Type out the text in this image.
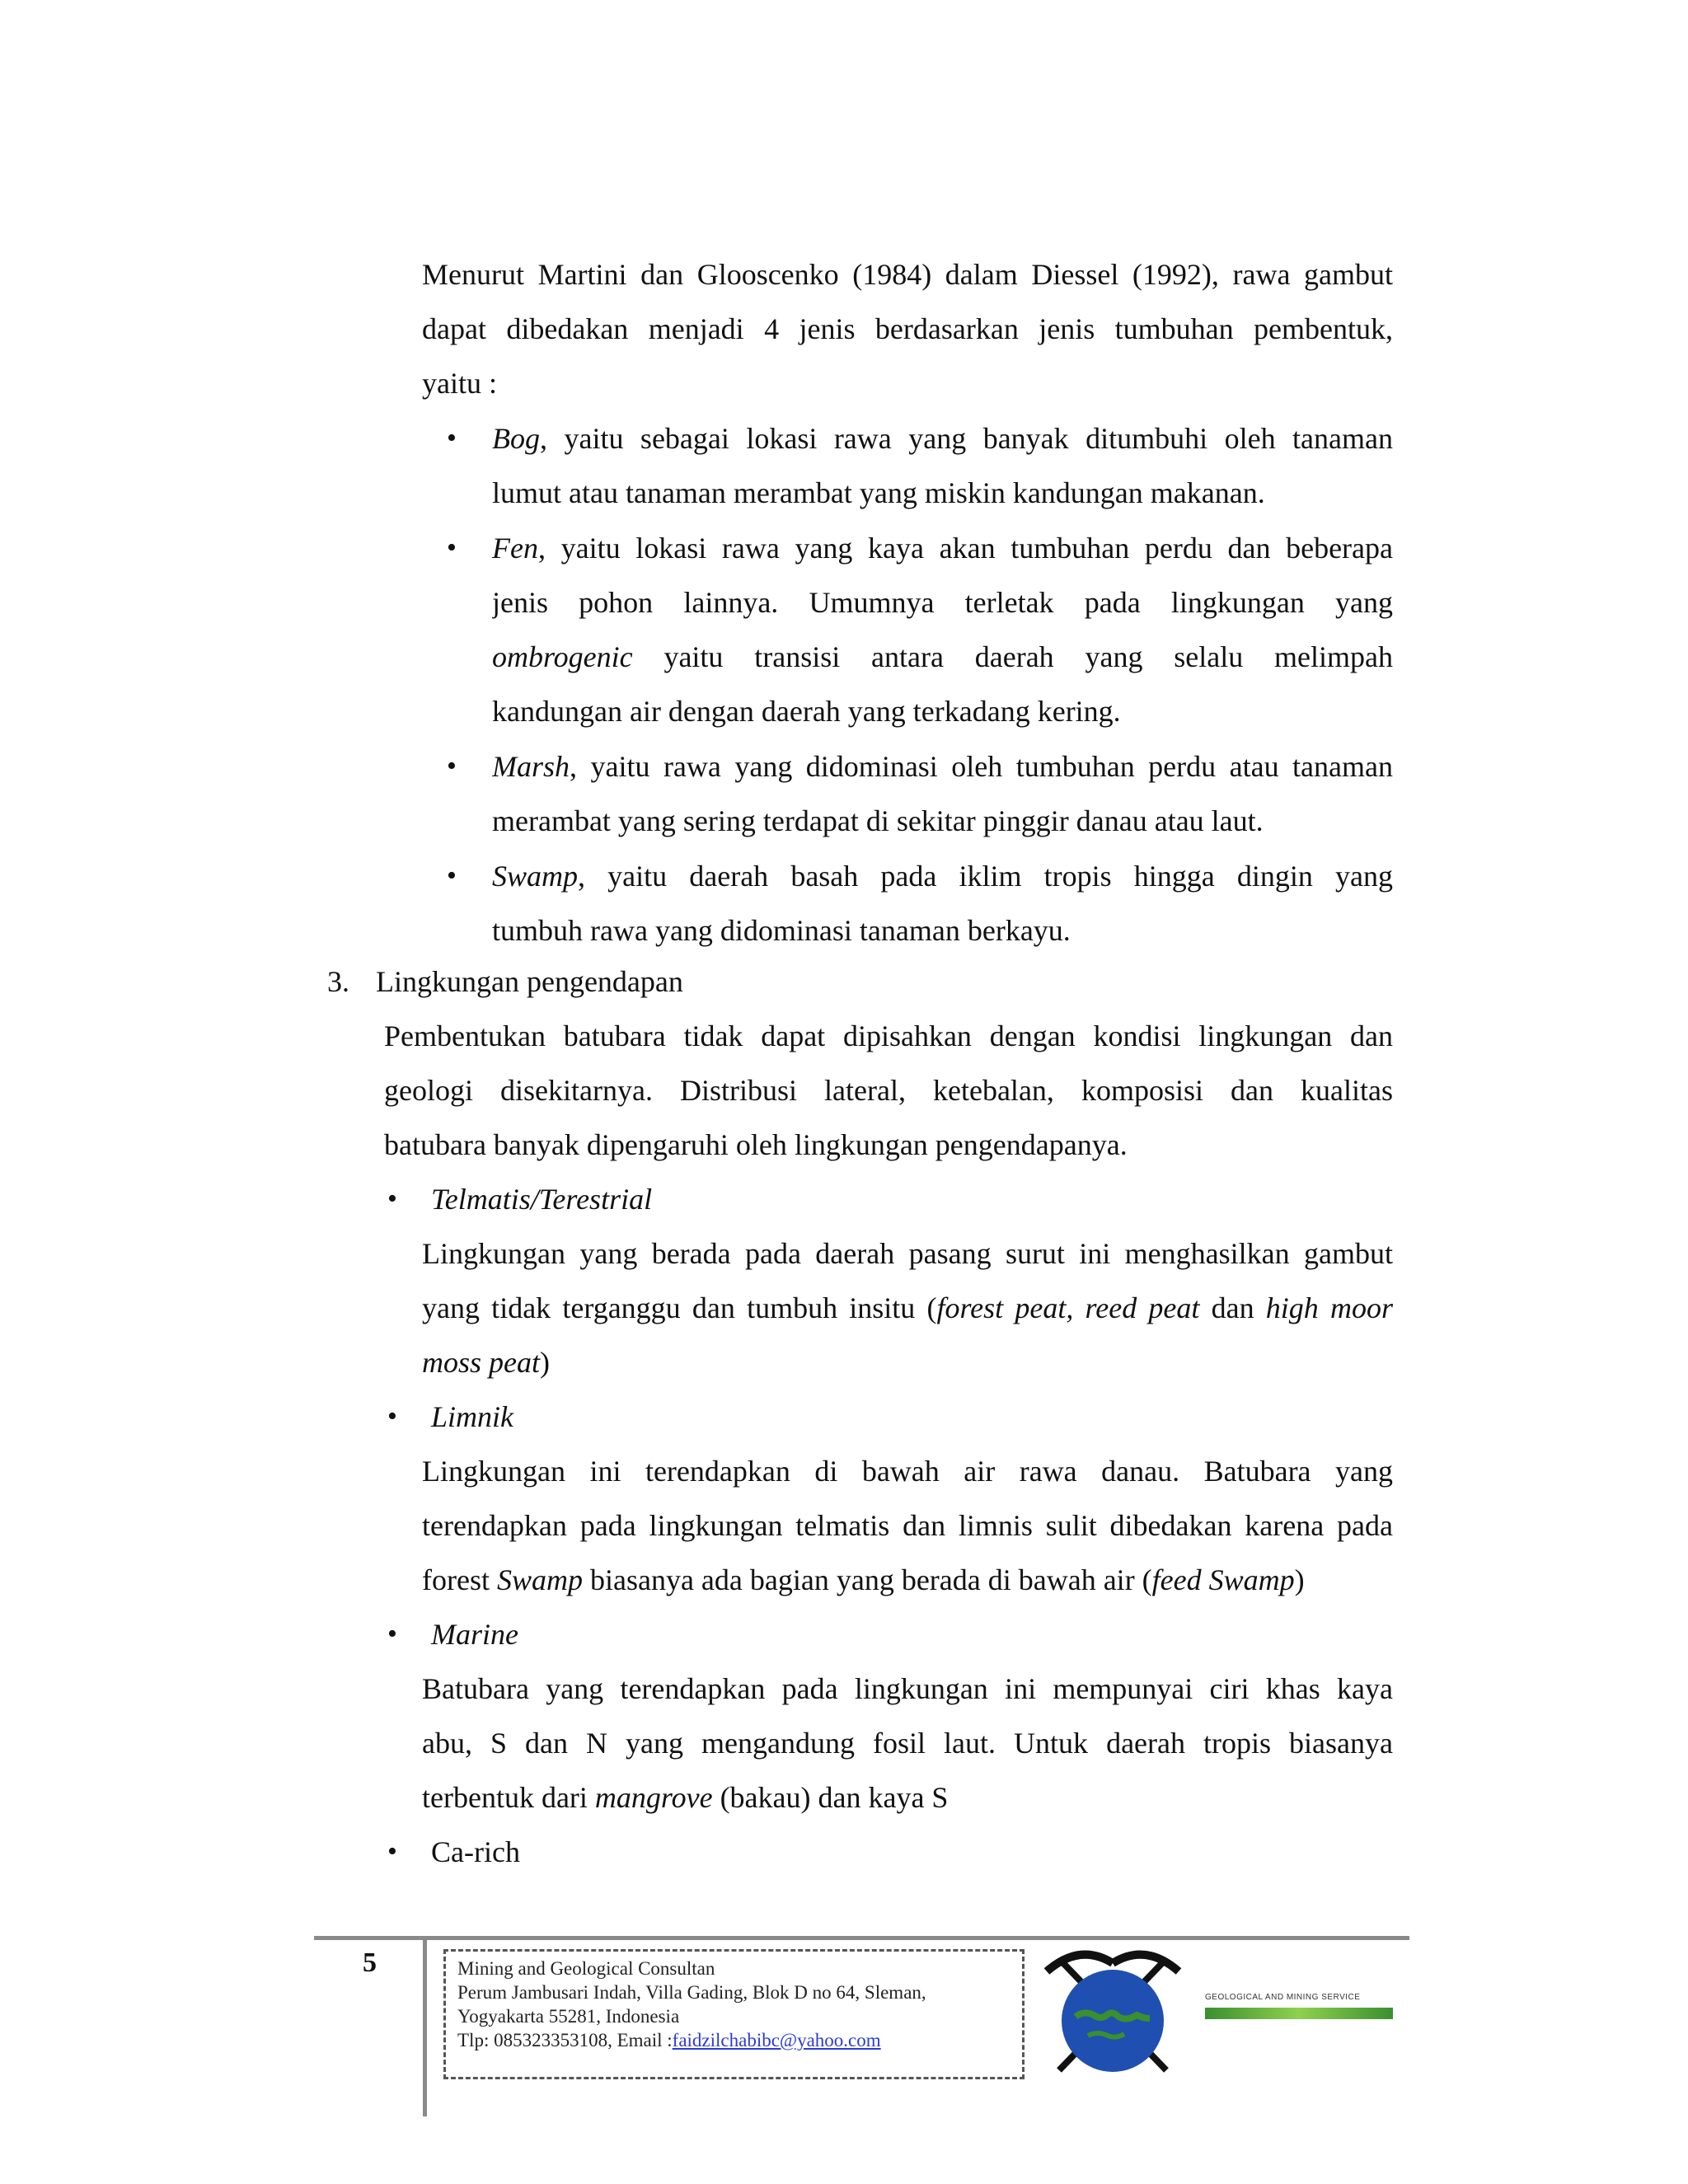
Menurut Martini dan Glooscenko (1984) dalam Diessel (1992), rawa gambut
dapat dibedakan menjadi 4 jenis berdasarkan jenis tumbuhan pembentuk,
yaitu :
• Bog, yaitu sebagai lokasi rawa yang banyak ditumbuhi oleh tanaman
lumut atau tanaman merambat yang miskin kandungan makanan.
• Fen, yaitu lokasi rawa yang kaya akan tumbuhan perdu dan beberapa
jenis pohon lainnya. Umumnya terletak pada lingkungan yang
ombrogenic yaitu transisi antara daerah yang selalu melimpah
kandungan air dengan daerah yang terkadang kering.
• Marsh, yaitu rawa yang didominasi oleh tumbuhan perdu atau tanaman
merambat yang sering terdapat di sekitar pinggir danau atau laut.
• Swamp, yaitu daerah basah pada iklim tropis hingga dingin yang
tumbuh rawa yang didominasi tanaman berkayu.
3. Lingkungan pengendapan
Pembentukan batubara tidak dapat dipisahkan dengan kondisi lingkungan dan
geologi disekitarnya. Distribusi lateral, ketebalan, komposisi dan kualitas
batubara banyak dipengaruhi oleh lingkungan pengendapanya.
• Telmatis/Terestrial
Lingkungan yang berada pada daerah pasang surut ini menghasilkan gambut
yang tidak terganggu dan tumbuh insitu (forest peat, reed peat dan high moor
moss peat)
• Limnik
Lingkungan ini terendapkan di bawah air rawa danau. Batubara yang
terendapkan pada lingkungan telmatis dan limnis sulit dibedakan karena pada
forest Swamp biasanya ada bagian yang berada di bawah air (feed Swamp)
• Marine
Batubara yang terendapkan pada lingkungan ini mempunyai ciri khas kaya
abu, S dan N yang mengandung fosil laut. Untuk daerah tropis biasanya
terbentuk dari mangrove (bakau) dan kaya S
• Ca-rich
5	Mining and Geological Consultan
Perum Jambusari Indah, Villa Gading, Blok D no 64, Sleman,
Yogyakarta 55281, Indonesia
Tlp: 085323353108, Email :faidzilchabibc@yahoo.com
GEOLOGICAL AND MINING SERVICE
